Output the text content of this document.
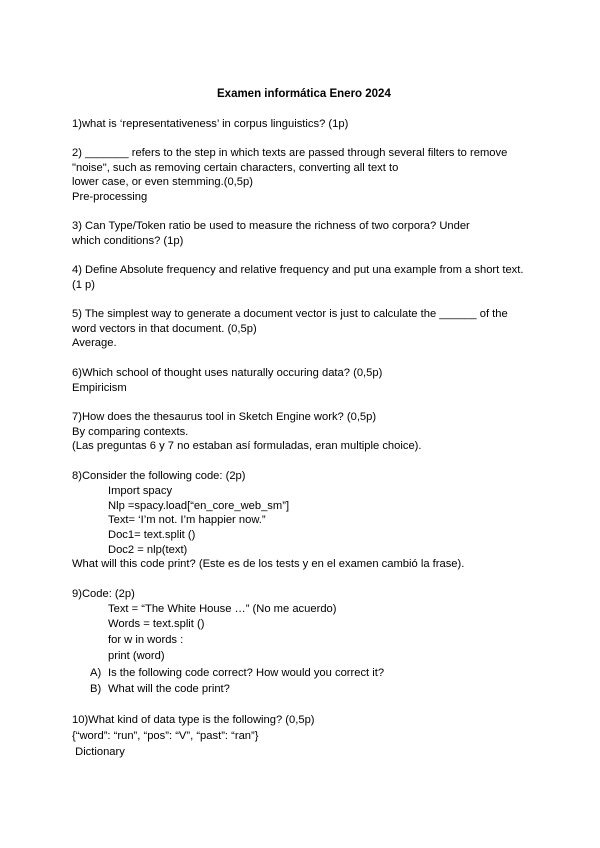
Examen informática Enero 2024
1)what is ‘representativeness’ in corpus linguistics? (1p)
2) _______ refers to the step in which texts are passed through several filters to remove
"noise", such as removing certain characters, converting all text to
lower case, or even stemming.(0,5p)
Pre-processing
3) Can Type/Token ratio be used to measure the richness of two corpora? Under
which conditions? (1p)
4) Define Absolute frequency and relative frequency and put una example from a short text.
(1 p)
5) The simplest way to generate a document vector is just to calculate the ______ of the
word vectors in that document. (0,5p)
Average.
6)Which school of thought uses naturally occuring data? (0,5p)
Empiricism
7)How does the thesaurus tool in Sketch Engine work? (0,5p)
By comparing contexts.
(Las preguntas 6 y 7 no estaban así formuladas, eran multiple choice).
8)Consider the following code: (2p)
Import spacy
Nlp =spacy.load[“en_core_web_sm”]
Text= ‘I’m not. I’m happier now.”
Doc1= text.split ()
Doc2 = nlp(text)
What will this code print? (Este es de los tests y en el examen cambió la frase).
9)Code: (2p)
Text = “The White House …” (No me acuerdo)
Words = text.split ()
for w in words :
print (word)
A) Is the following code correct? How would you correct it?
B) What will the code print?
10)What kind of data type is the following? (0,5p)
{“word”: “run”, “pos”: “V”, “past”: “ran”}
Dictionary
